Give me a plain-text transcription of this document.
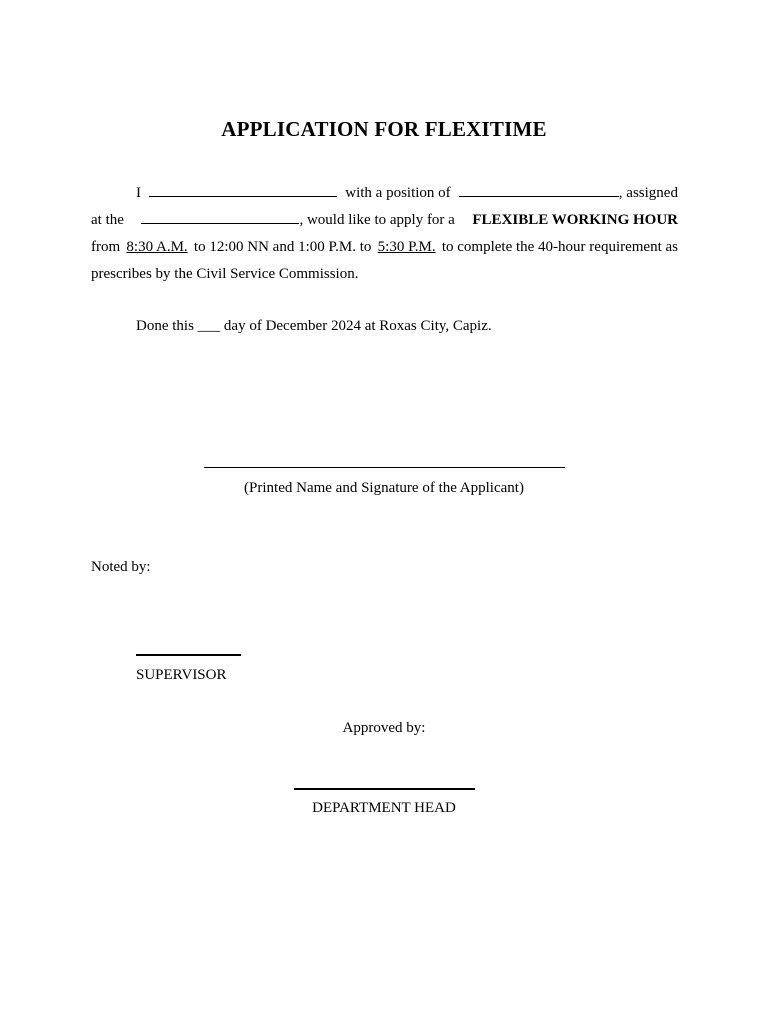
APPLICATION FOR FLEXITIME
I	with a position of	, assigned
at the	, would like to apply for a FLEXIBLE WORKING HOUR
from 8:30 A.M. to 12:00 NN and 1:00 P.M. to 5:30 P.M. to complete the 40-hour requirement as
prescribes by the Civil Service Commission.
Done this ___ day of December 2024 at Roxas City, Capiz.
(Printed Name and Signature of the Applicant)
Noted by:
SUPERVISOR
Approved by:
DEPARTMENT HEAD
